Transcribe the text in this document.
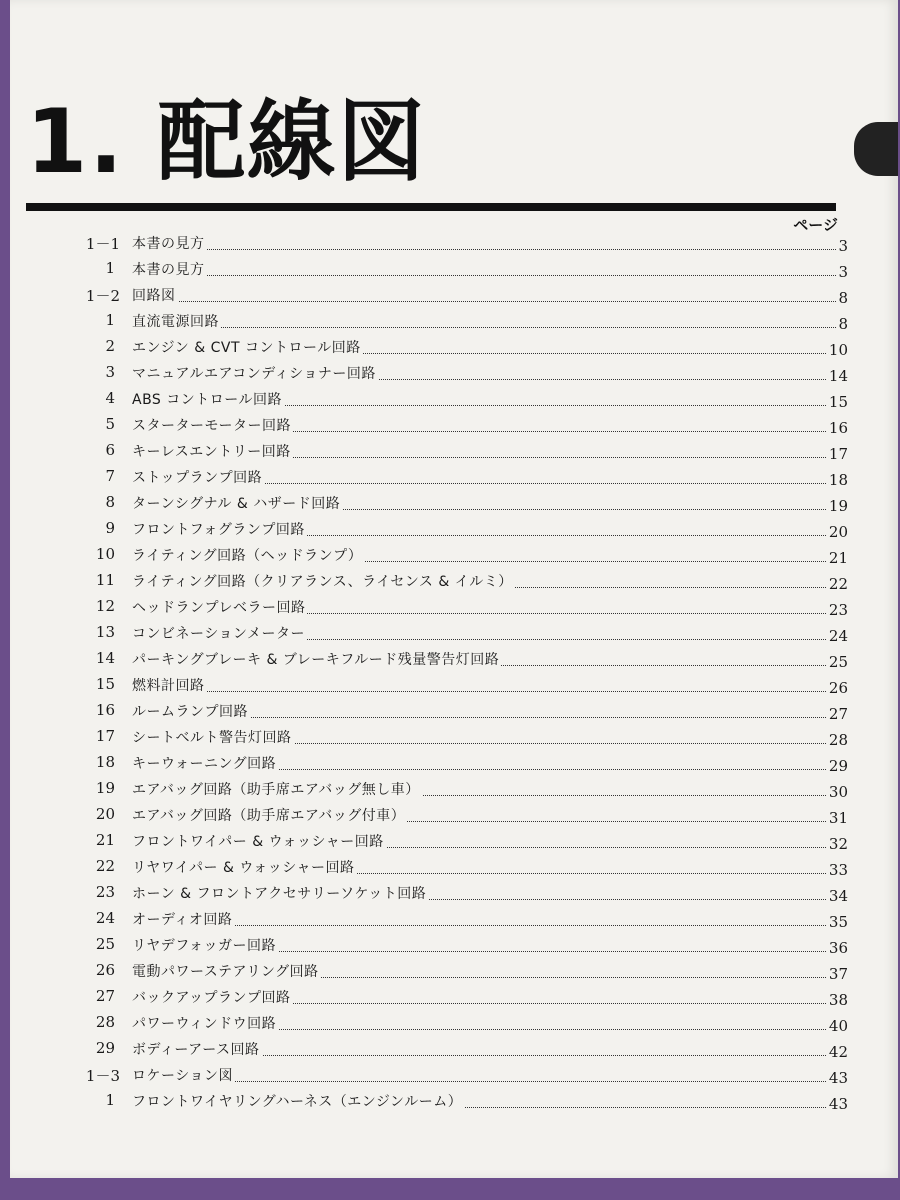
1. 配線図
ページ
1－1 本書の見方	3
1 本書の見方	3
1－2 回路図	8
1 直流電源回路	8
2 エンジン & CVT コントロール回路	10
3 マニュアルエアコンディショナー回路	14
4 ABS コントロール回路	15
5 スターターモーター回路	16
6 キーレスエントリー回路	17
7 ストップランプ回路	18
8 ターンシグナル & ハザード回路	19
9 フロントフォグランプ回路	20
10 ライティング回路（ヘッドランプ）	21
11 ライティング回路（クリアランス、ライセンス & イルミ）	22
12 ヘッドランプレベラー回路	23
13 コンビネーションメーター	24
14 パーキングブレーキ & ブレーキフルード残量警告灯回路	25
15 燃料計回路	26
16 ルームランプ回路	27
17 シートベルト警告灯回路	28
18 キーウォーニング回路	29
19 エアバッグ回路（助手席エアバッグ無し車）	30
20 エアバッグ回路（助手席エアバッグ付車）	31
21 フロントワイパー & ウォッシャー回路	32
22 リヤワイパー & ウォッシャー回路	33
23 ホーン & フロントアクセサリーソケット回路	34
24 オーディオ回路	35
25 リヤデフォッガー回路	36
26 電動パワーステアリング回路	37
27 バックアップランプ回路	38
28 パワーウィンドウ回路	40
29 ボディーアース回路	42
1－3 ロケーション図	43
1 フロントワイヤリングハーネス（エンジンルーム）	43
